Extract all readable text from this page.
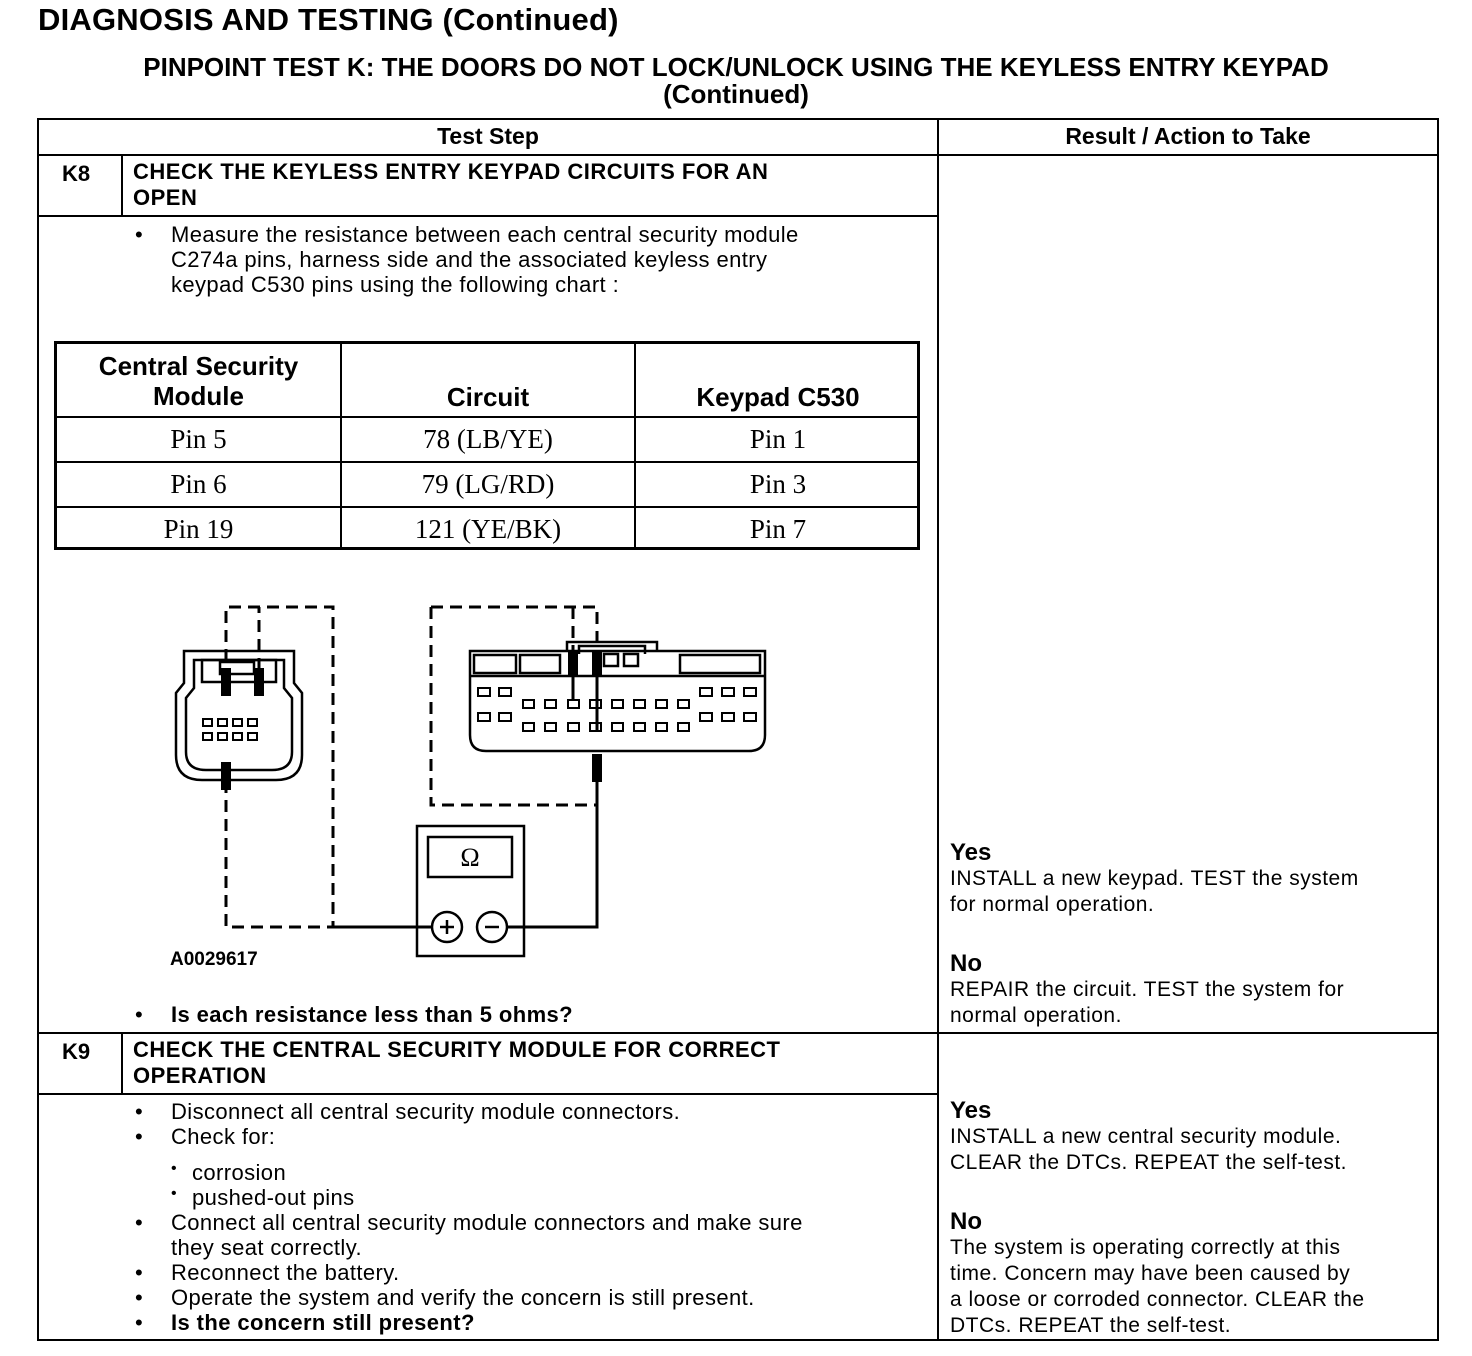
DIAGNOSIS AND TESTING (Continued)
PINPOINT TEST K: THE DOORS DO NOT LOCK/UNLOCK USING THE KEYLESS ENTRY KEYPAD
(Continued)
Test Step	Result / Action to Take
K8 CHECK THE KEYLESS ENTRY KEYPAD CIRCUITS FOR AN
OPEN
• Measure the resistance between each central security module
C274a pins, harness side and the associated keyless entry
keypad C530 pins using the following chart :
Central Security
Module	Circuit	Keypad C530
Pin 5	78 (LB/YE)	Pin 1
Pin 6	79 (LG/RD)	Pin 3
Pin 19	121 (YE/BK)	Pin 7
Ω
A0029617
• Is each resistance less than 5 ohms?
Yes
INSTALL a new keypad. TEST the system
for normal operation.
No
REPAIR the circuit. TEST the system for
normal operation.
K9 CHECK THE CENTRAL SECURITY MODULE FOR CORRECT
OPERATION
• Disconnect all central security module connectors.
• Check for:
• corrosion
• pushed-out pins
• Connect all central security module connectors and make sure
they seat correctly.
• Reconnect the battery.
• Operate the system and verify the concern is still present.
• Is the concern still present?
Yes
INSTALL a new central security module.
CLEAR the DTCs. REPEAT the self-test.
No
The system is operating correctly at this
time. Concern may have been caused by
a loose or corroded connector. CLEAR the
DTCs. REPEAT the self-test.
